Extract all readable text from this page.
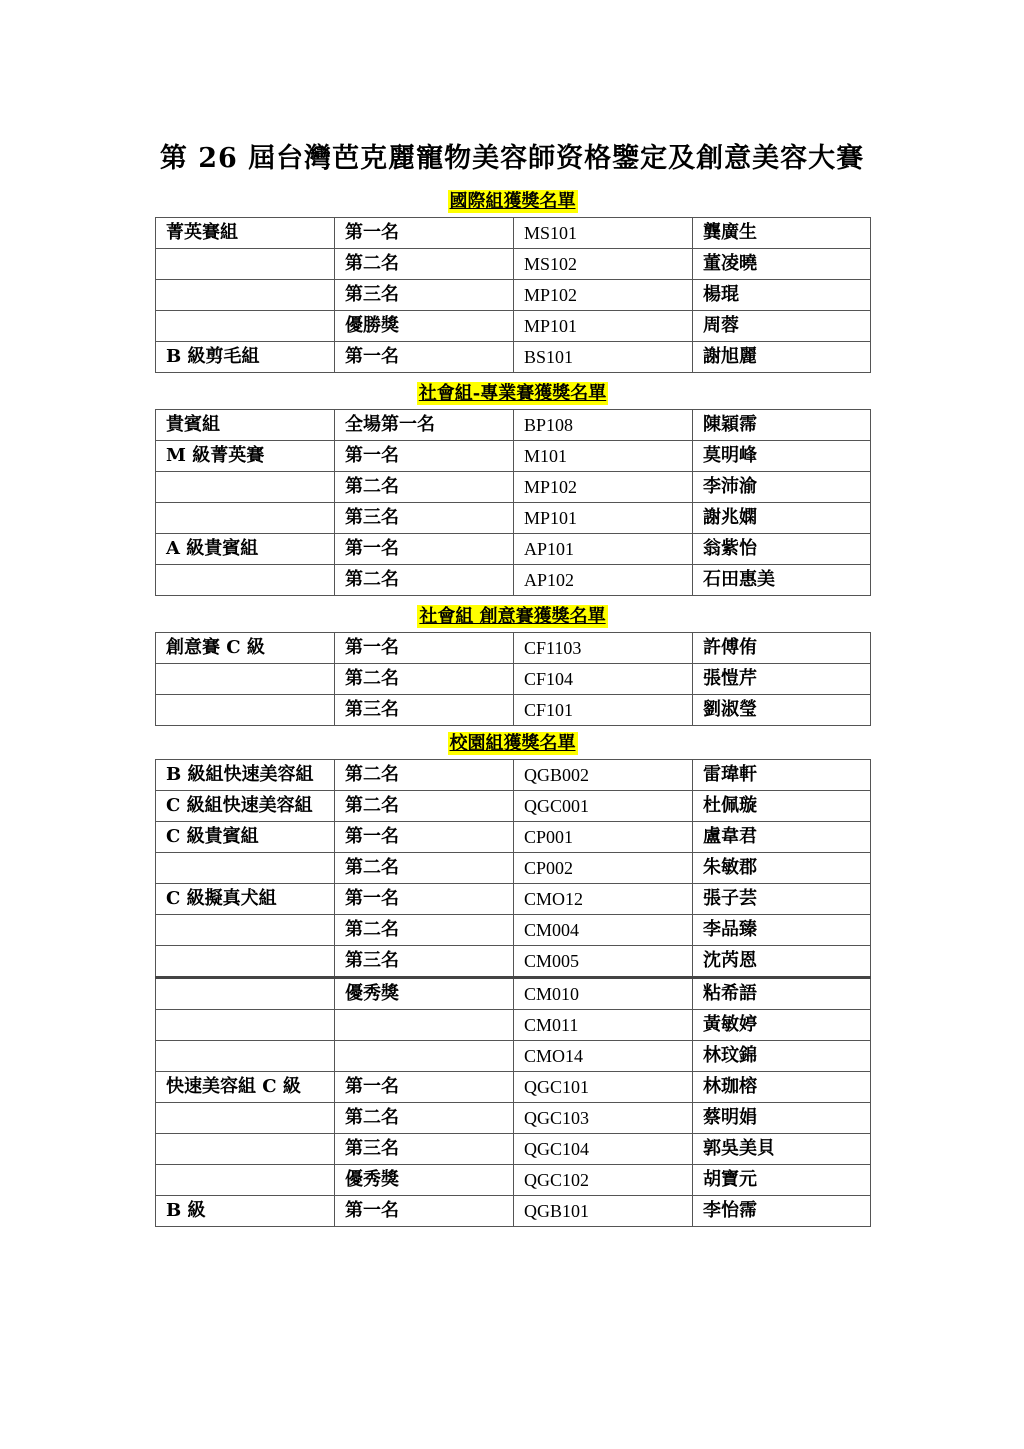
第 26 屆台灣芭克麗寵物美容師资格鑒定及創意美容大賽
國際組獲獎名單
菁英賽組	第一名	MS101	龔廣生
	第二名	MS102	董凌曉
	第三名	MP102	楊琨
	優勝獎	MP101	周蓉
B 級剪毛組	第一名	BS101	謝旭麗
社會組-專業賽獲獎名單
貴賓組	全場第一名	BP108	陳穎霈
M 級菁英賽	第一名	M101	莫明峰
	第二名	MP102	李沛渝
	第三名	MP101	謝兆嫻
A 級貴賓組	第一名	AP101	翁紫怡
	第二名	AP102	石田惠美
社會組 創意賽獲獎名單
創意賽 C 級	第一名	CF1103	許傅侑
	第二名	CF104	張愷芹
	第三名	CF101	劉淑瑩
校園組獲獎名單
B 級組快速美容組	第二名	QGB002	雷瑋軒
C 級組快速美容組	第二名	QGC001	杜佩璇
C 級貴賓組	第一名	CP001	盧韋君
	第二名	CP002	朱敏郡
C 級擬真犬組	第一名	CMO12	張子芸
	第二名	CM004	李品臻
	第三名	CM005	沈芮恩
	優秀獎	CM010	粘希語
		CM011	黃敏婷
		CMO14	林玟錦
快速美容組 C 級	第一名	QGC101	林珈榕
	第二名	QGC103	蔡明娟
	第三名	QGC104	郭吳美貝
	優秀獎	QGC102	胡寶元
B 級	第一名	QGB101	李怡霈
